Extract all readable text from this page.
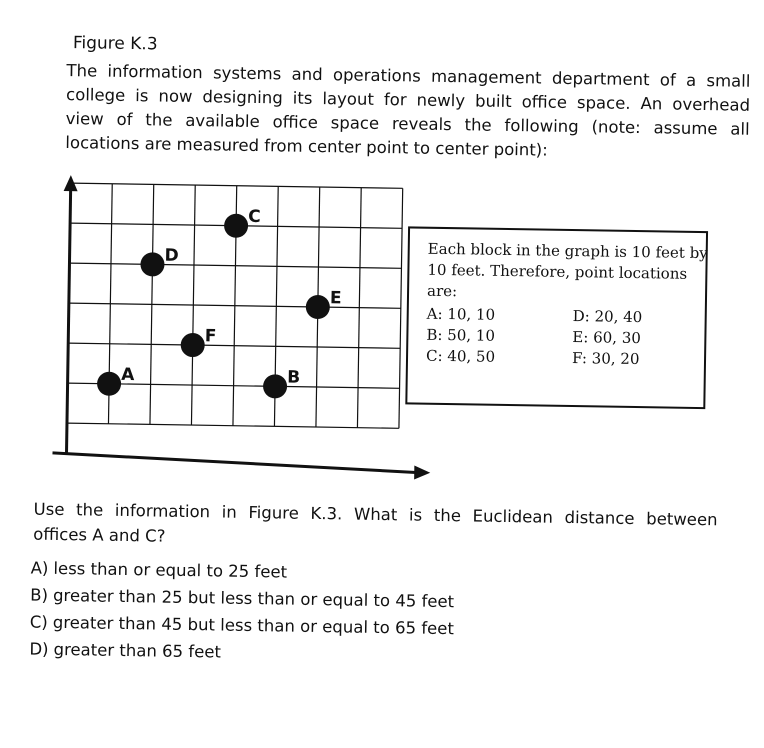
Figure K.3
The information systems and operations management department of a small
college is now designing its layout for newly built office space. An overhead
view of the available office space reveals the following (note: assume all
locations are measured from center point to center point):
A	B
C
D
E
F
Each block in the graph is 10 feet by 10 feet. Therefore, point locations are:
A: 10, 10	D: 20, 40
B: 50, 10	E: 60, 30
C: 40, 50	F: 30, 20
Use the information in Figure K.3. What is the Euclidean distance between
offices A and C?
A) less than or equal to 25 feet
B) greater than 25 but less than or equal to 45 feet
C) greater than 45 but less than or equal to 65 feet
D) greater than 65 feet
